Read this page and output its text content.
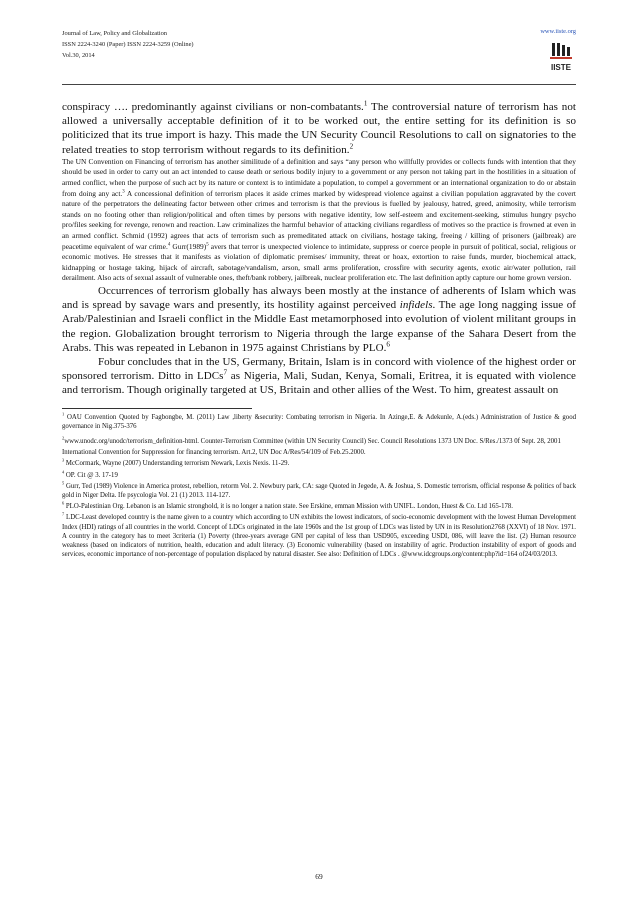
Journal of Law, Policy and Globalization
ISSN 2224-3240 (Paper) ISSN 2224-3259 (Online)
Vol.30, 2014
www.iiste.org
IISTE

conspiracy …. predominantly against civilians or non-combatants.$^1$ The controversial nature of terrorism has not allowed a universally acceptable definition of it to be worked out, the entire setting for its definition is so politicized that its true import is hazy. This made the UN Security Council Resolutions to call on signatories to the related treaties to stop terrorism without regards to its definition.$^2$

The UN Convention on Financing of terrorism has another similitude of a definition and says “any person who willfully provides or collects funds with intention that they should be used in order to carry out an act intended to cause death or serious bodily injury to a government or any person not taking part in the hostilities in a situation of armed conflict, when the purpose of such act by its nature or context is to intimidate a population, to compel a government or an international organization to do or abstain from doing any act.$^3$ A concessional definition of terrorism places it aside crimes marked by widespread violence against a civilian population aggravated by the covert nature of the perpetrators the delineating factor between other crimes and terrorism is that the previous is fuelled by jealousy, hatred, greed, animosity, while terrorism stands on no footing other than religion/political and often times by persons with negative identity, low self-esteem and excitement-seeking, stimulus hungry psycho pro/files seeking for revenge, renown and reaction. Law criminalizes the harmful behavior of attacking civilians regardless of motives so the practice is frowned at even in an armed conflict. Schmid (1992) agrees that acts of terrorism such as premeditated attack on civilians, hostage taking, freeing / killing of prisoners (jailbreak) are peacetime equivalent of war crime.$^4$ $Gurr(1989)^5$ avers that terror is unexpected violence to intimidate, suppress or coerce people in pursuit of political, social, religious or economic motives. He stresses that it manifests as violation of diplomatic premises/ immunity, threat or hoax, extortion to raise funds, murder, biochemical attack, kidnapping or hostage taking, hijack of aircraft, sabotage/vandalism, arson, small arms proliferation, crossfire with security agents, exotic air/water pollution, rail derailment. Also acts of sexual assault of vulnerable ones, theft/bank robbery, jailbreak, nuclear proliferation etc. The last definition aptly capture our home grown version.

Occurrences of terrorism globally has always been mostly at the instance of adherents of Islam which was and is spread by savage wars and presently, its hostility against perceived infidels. The age long nagging issue of Arab/Palestinian and Israeli conflict in the Middle East metamorphosed into evolution of violent militant groups in the region. Globalization brought terrorism to Nigeria through the large expanse of the Sahara Desert from the Arabs. This was repeated in Lebanon in 1975 against Christians by PLO.$^6$

Fobur concludes that in the US, Germany, Britain, Islam is in concord with violence of the highest order or sponsored terrorism. Ditto in LDCs$^7$ as Nigeria, Mali, Sudan, Kenya, Somali, Eritrea, it is equated with violence and terrorism. Though originally targeted at US, Britain and other allies of the West. To him, greatest assault on

$^1$ OAU Convention Quoted by Fagbongbe, M. (2011) Law ,liberty &security: Combating terrorism in Nigeria. In Azinge,E. & Adekunle, A.(eds.) Administration of Justice & good governance in Nig.375-376

$^2$www.unodc.org/unodc/terrorism_definition-html. Counter-Terrorism Committee (within UN Security Council) Sec. Council Resolutions 1373 UN Doc. S/Res./1373 0f Sept. 28, 2001

International Convention for Suppression for financing terrorism. Art.2, UN Doc A/Res/54/109 of Feb.25.2000.

$^3$ McCormark, Wayne (2007) Understanding terrorism Newark, Lexis Nexis. 11-29.

$^4$ OP. Cit @ 3. 17-19

$^5$ Gurr, Ted (1989) Violence in America protest, rebellion, retorm Vol. 2. Newbury park, CA: sage Quoted in Jegede, A. & Joshua, S. Domestic terrorism, official response & politics of back gold in Niger Delta. Ife psycologia Vol. 21 (1) 2013. 114-127.

$^6$ PLO-Palestinian Org. Lebanon is an Islamic stronghold, it is no longer a nation state. See Erskine, emman Mission with UNIFL. London, Huest & Co. Ltd 165-178.

$^7$ LDC-Least developed country is the name given to a country which according to UN exhibits the lowest indicators, of socio-economic development with the lowest Human Development Index (HDI) ratings of all countries in the world. Concept of LDCs originated in the late 1960s and the 1st group of LDCs was listed by UN in its Resolution2768 (XXVI) of 18 Nov. 1971. A country in the category has to meet 3criteria (1) Poverty (three-years average GNI per capital of less than USD905, exceeding USDI, 086, will leave the list. (2) Human resource weakness (based on indicators of nutrition, health, education and adult literacy. (3) Economic vulnerability (based on instability of agric. Production instability of export of goods and services, economic importance of non-percentage of population displaced by natural disaster. See also: Definition of LDCs . @www.idcgroups.org/content:php?id=164 of24/03/2013.

69
